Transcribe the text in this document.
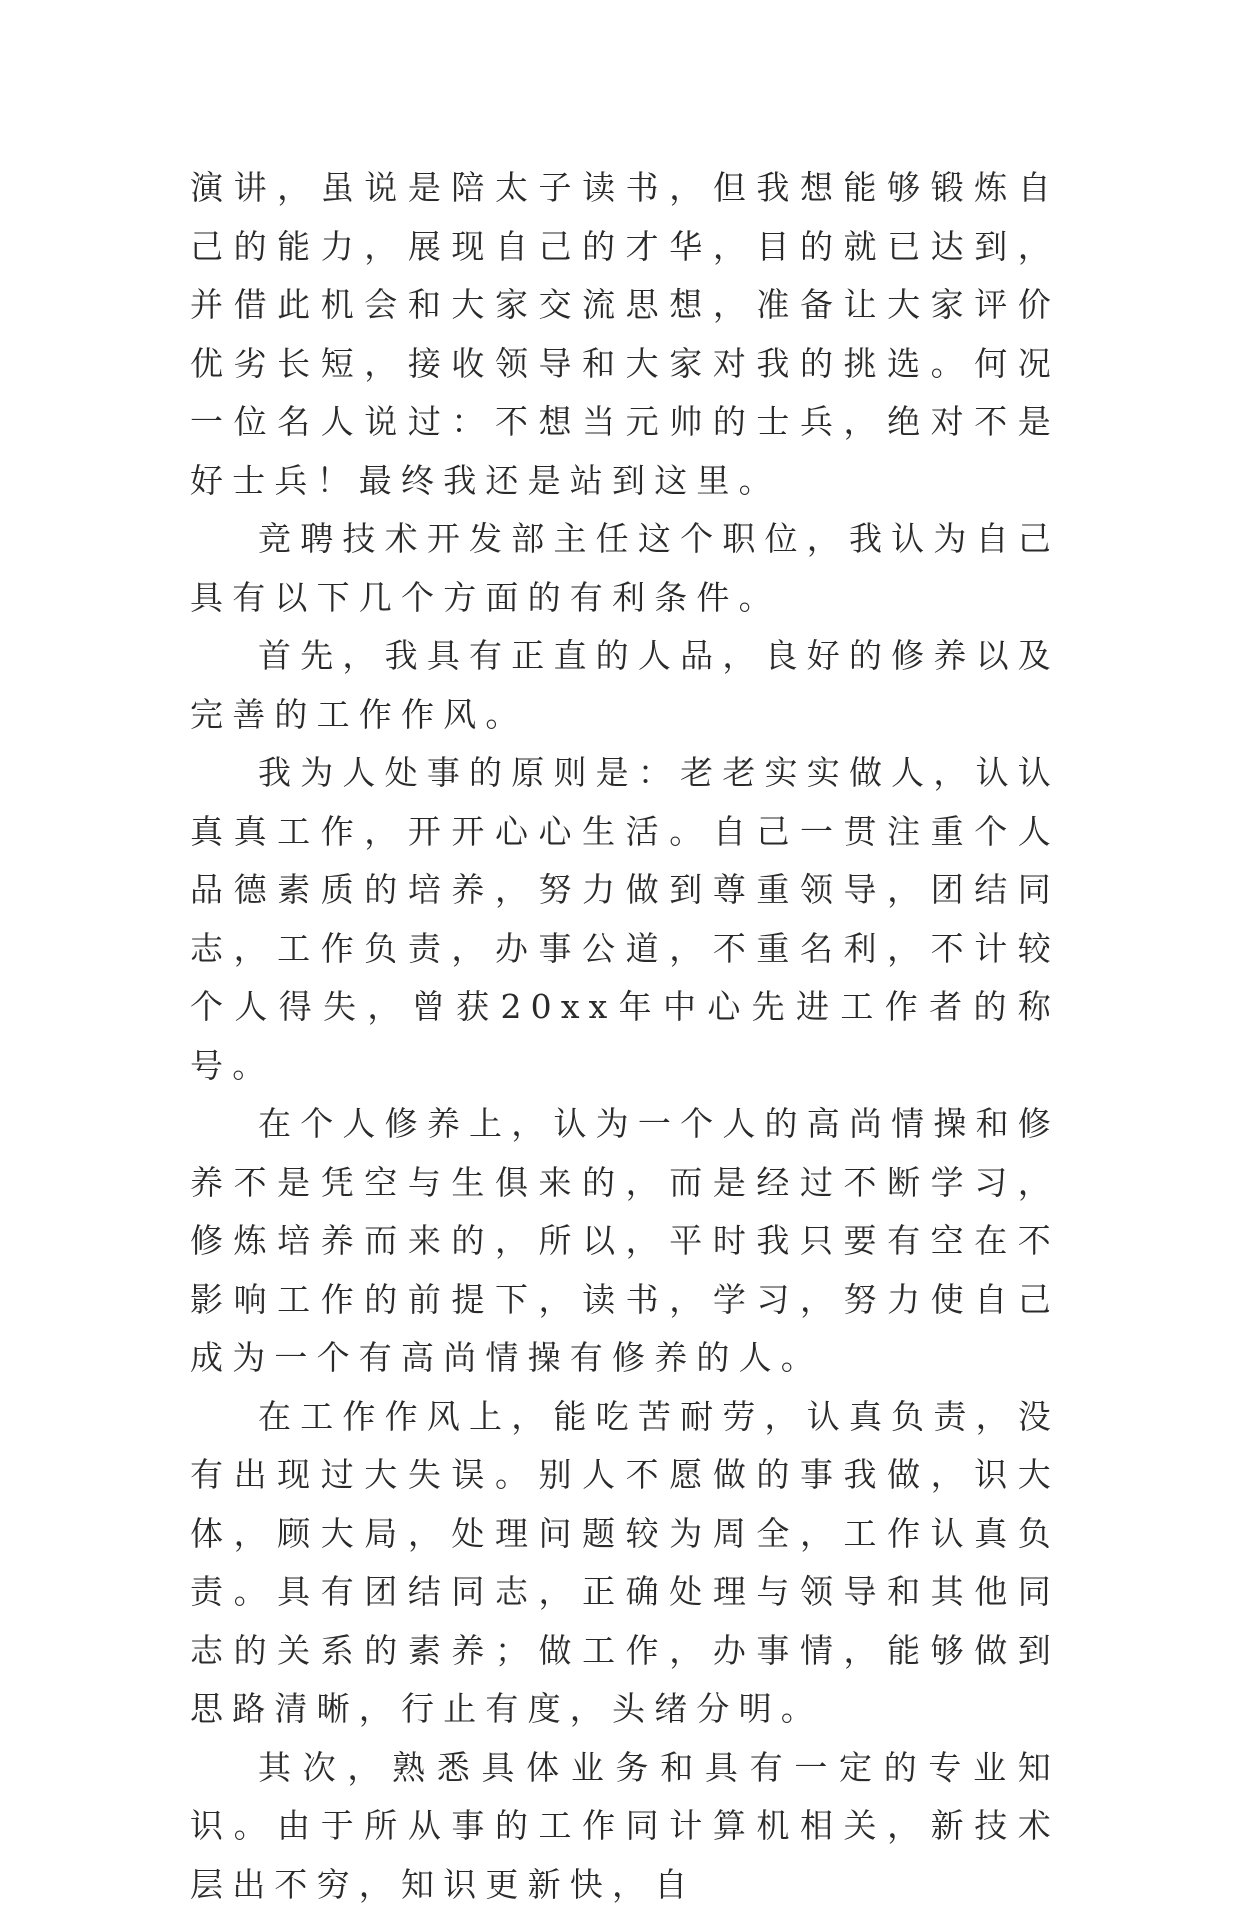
演讲，虽说是陪太子读书，但我想能够锻炼自己的能力，展现自己的才华，目的就已达到，并借此机会和大家交流思想，准备让大家评价优劣长短，接收领导和大家对我的挑选。何况一位名人说过：不想当元帅的士兵，绝对不是好士兵！最终我还是站到这里。

竞聘技术开发部主任这个职位，我认为自己具有以下几个方面的有利条件。

首先，我具有正直的人品，良好的修养以及完善的工作作风。

我为人处事的原则是：老老实实做人，认认真真工作，开开心心生活。自己一贯注重个人品德素质的培养，努力做到尊重领导，团结同志，工作负责，办事公道，不重名利，不计较个人得失，曾获20xx年中心先进工作者的称号。

在个人修养上，认为一个人的高尚情操和修养不是凭空与生俱来的，而是经过不断学习，修炼培养而来的，所以，平时我只要有空在不影响工作的前提下，读书，学习，努力使自己成为一个有高尚情操有修养的人。

在工作作风上，能吃苦耐劳，认真负责，没有出现过大失误。别人不愿做的事我做，识大体，顾大局，处理问题较为周全，工作认真负责。具有团结同志，正确处理与领导和其他同志的关系的素养；做工作，办事情，能够做到思路清晰，行止有度，头绪分明。

其次，熟悉具体业务和具有一定的专业知识。由于所从事的工作同计算机相关，新技术层出不穷，知识更新快，自
